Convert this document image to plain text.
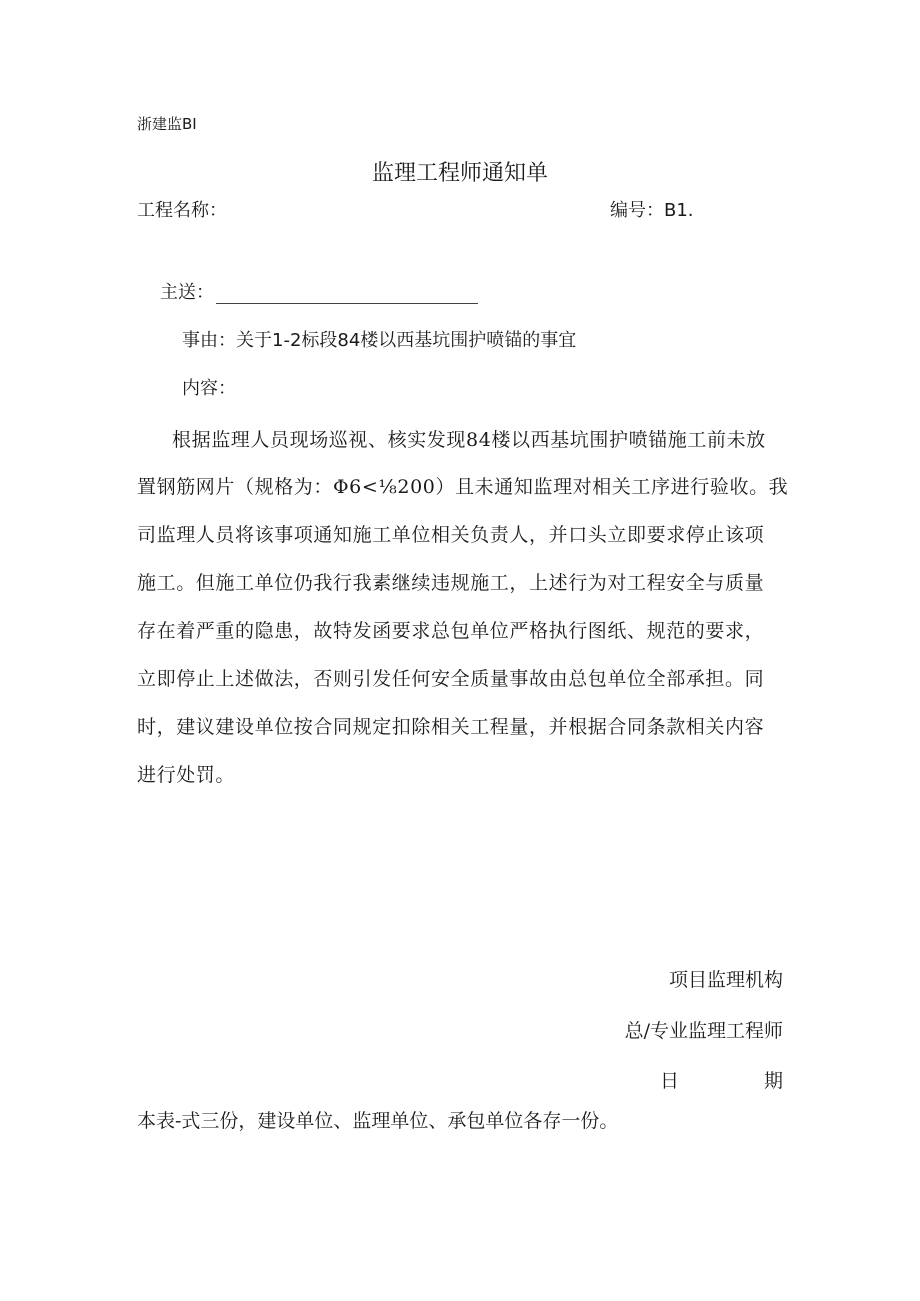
浙建监BI
监理工程师通知单
工程名称：	编号：B1.
主送：
事由：关于1-2标段84楼以西基坑围护喷锚的事宜
内容：
根据监理人员现场巡视、核实发现84楼以西基坑围护喷锚施工前未放
置钢筋网片（规格为：Φ6<⅛200）且未通知监理对相关工序进行验收。我
司监理人员将该事项通知施工单位相关负责人，并口头立即要求停止该项
施工。但施工单位仍我行我素继续违规施工，上述行为对工程安全与质量
存在着严重的隐患，故特发函要求总包单位严格执行图纸、规范的要求，
立即停止上述做法，否则引发任何安全质量事故由总包单位全部承担。同
时，建议建设单位按合同规定扣除相关工程量，并根据合同条款相关内容
进行处罚。
项目监理机构
总/专业监理工程师
日	期
本表-式三份，建设单位、监理单位、承包单位各存一份。
